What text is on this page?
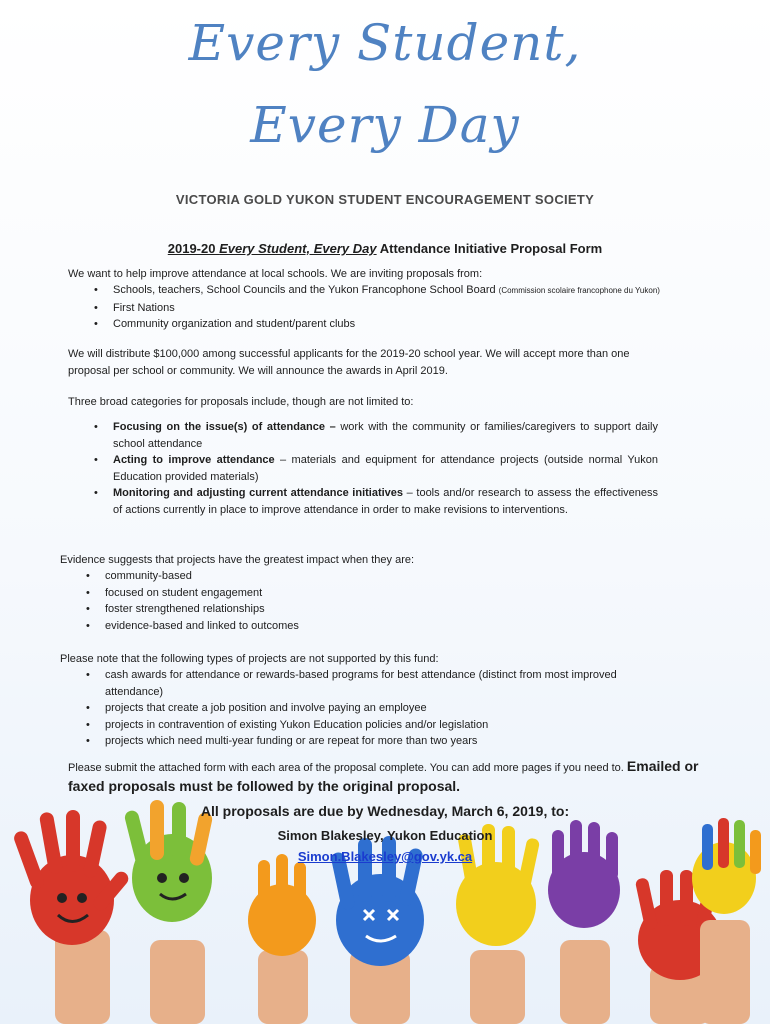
Every Student,
Every Day

VICTORIA GOLD YUKON STUDENT ENCOURAGEMENT SOCIETY

2019-20 Every Student, Every Day Attendance Initiative Proposal Form

We want to help improve attendance at local schools. We are inviting proposals from:

• Schools, teachers, School Councils and the Yukon Francophone School Board (Commission scolaire francophone du Yukon)
• First Nations
• Community organization and student/parent clubs

We will distribute $100,000 among successful applicants for the 2019-20 school year. We will accept more than one proposal per school or community. We will announce the awards in April 2019.

Three broad categories for proposals include, though are not limited to:

• Focusing on the issue(s) of attendance – work with the community or families/caregivers to support daily school attendance
• Acting to improve attendance – materials and equipment for attendance projects (outside normal Yukon Education provided materials)
• Monitoring and adjusting current attendance initiatives – tools and/or research to assess the effectiveness of actions currently in place to improve attendance in order to make revisions to interventions.

Evidence suggests that projects have the greatest impact when they are:

• community-based
• focused on student engagement
• foster strengthened relationships
• evidence-based and linked to outcomes

Please note that the following types of projects are not supported by this fund:

• cash awards for attendance or rewards-based programs for best attendance (distinct from most improved attendance)
• projects that create a job position and involve paying an employee
• projects in contravention of existing Yukon Education policies and/or legislation
• projects which need multi-year funding or are repeat for more than two years

Please submit the attached form with each area of the proposal complete. You can add more pages if you need to. Emailed or faxed proposals must be followed by the original proposal.

All proposals are due by Wednesday, March 6, 2019, to:

Simon Blakesley, Yukon Education

Simon.Blakesley@gov.yk.ca
